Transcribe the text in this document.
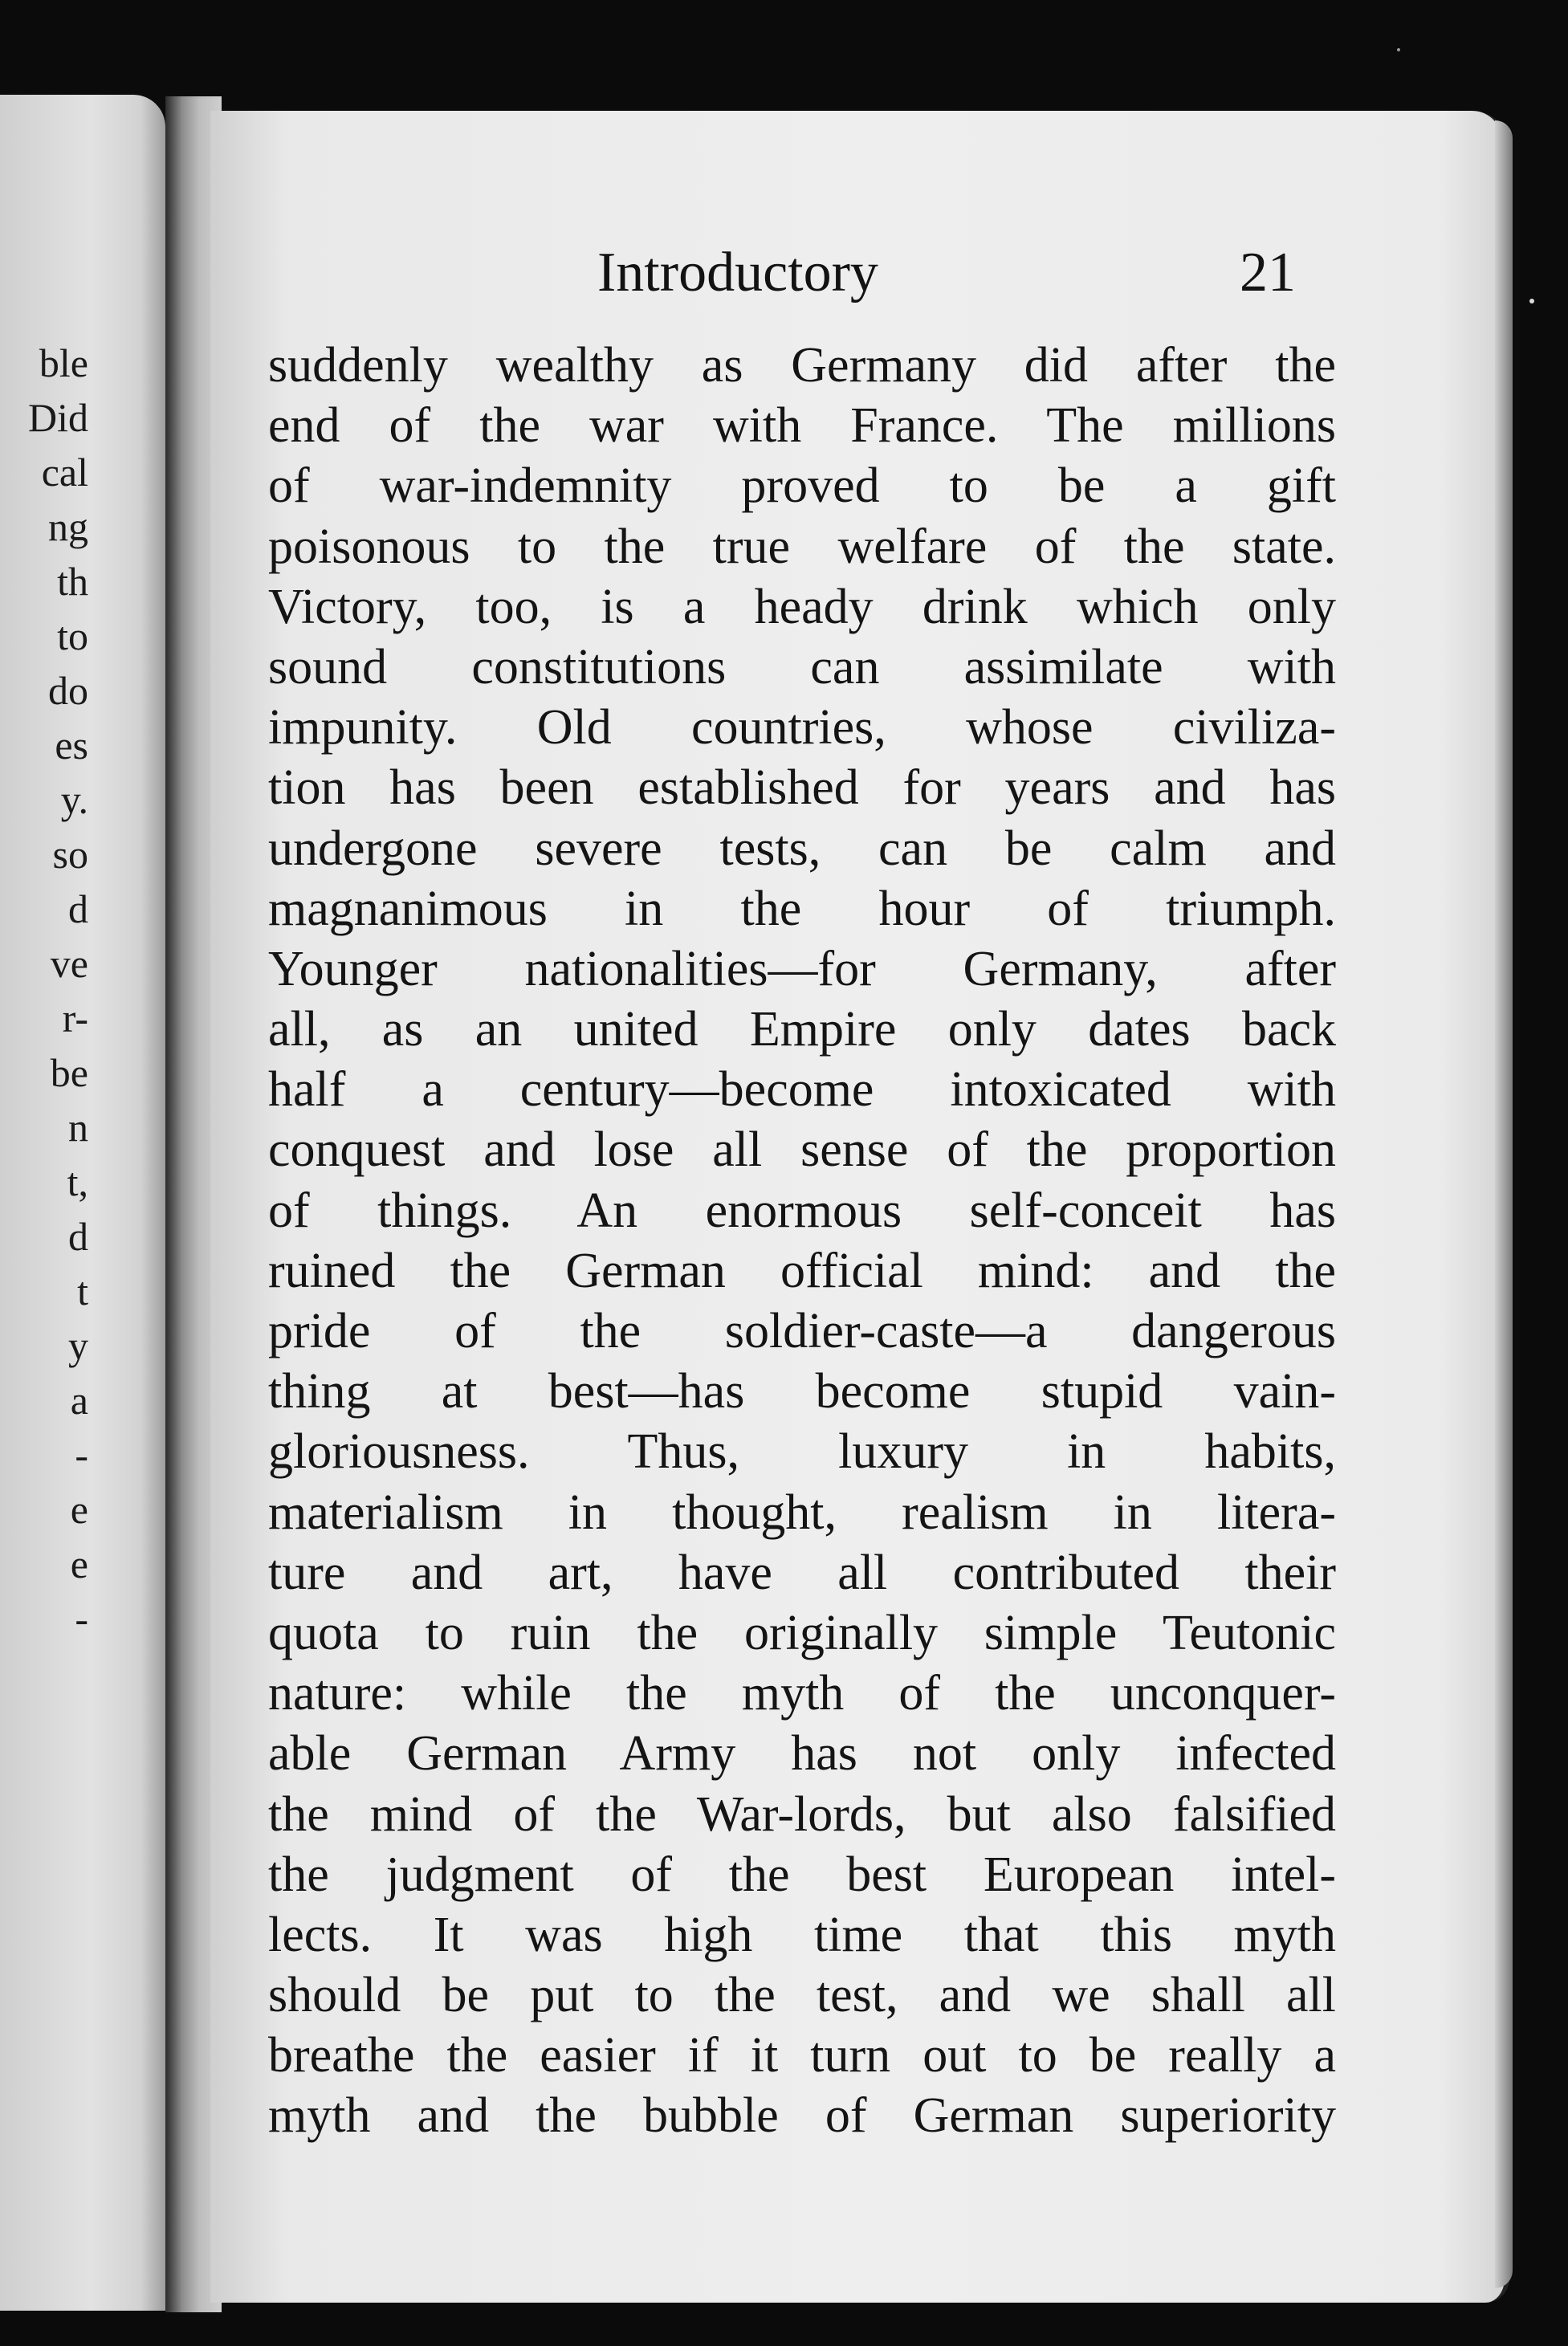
ble
Did
cal
ng
th
to
do
es
y.
so
d
ve
r-
be
n
t,
d
t
y
a
-
e
e
-
Introductory	21
suddenly wealthy as Germany did after the
end of the war with France. The millions
of war-indemnity proved to be a gift
poisonous to the true welfare of the state.
Victory, too, is a heady drink which only
sound constitutions can assimilate with
impunity. Old countries, whose civiliza-
tion has been established for years and has
undergone severe tests, can be calm and
magnanimous in the hour of triumph.
Younger nationalities—for Germany, after
all, as an united Empire only dates back
half a century—become intoxicated with
conquest and lose all sense of the proportion
of things. An enormous self-conceit has
ruined the German official mind: and the
pride of the soldier-caste—a dangerous
thing at best—has become stupid vain-
gloriousness. Thus, luxury in habits,
materialism in thought, realism in litera-
ture and art, have all contributed their
quota to ruin the originally simple Teutonic
nature: while the myth of the unconquer-
able German Army has not only infected
the mind of the War-lords, but also falsified
the judgment of the best European intel-
lects. It was high time that this myth
should be put to the test, and we shall all
breathe the easier if it turn out to be really a
myth and the bubble of German superiority
